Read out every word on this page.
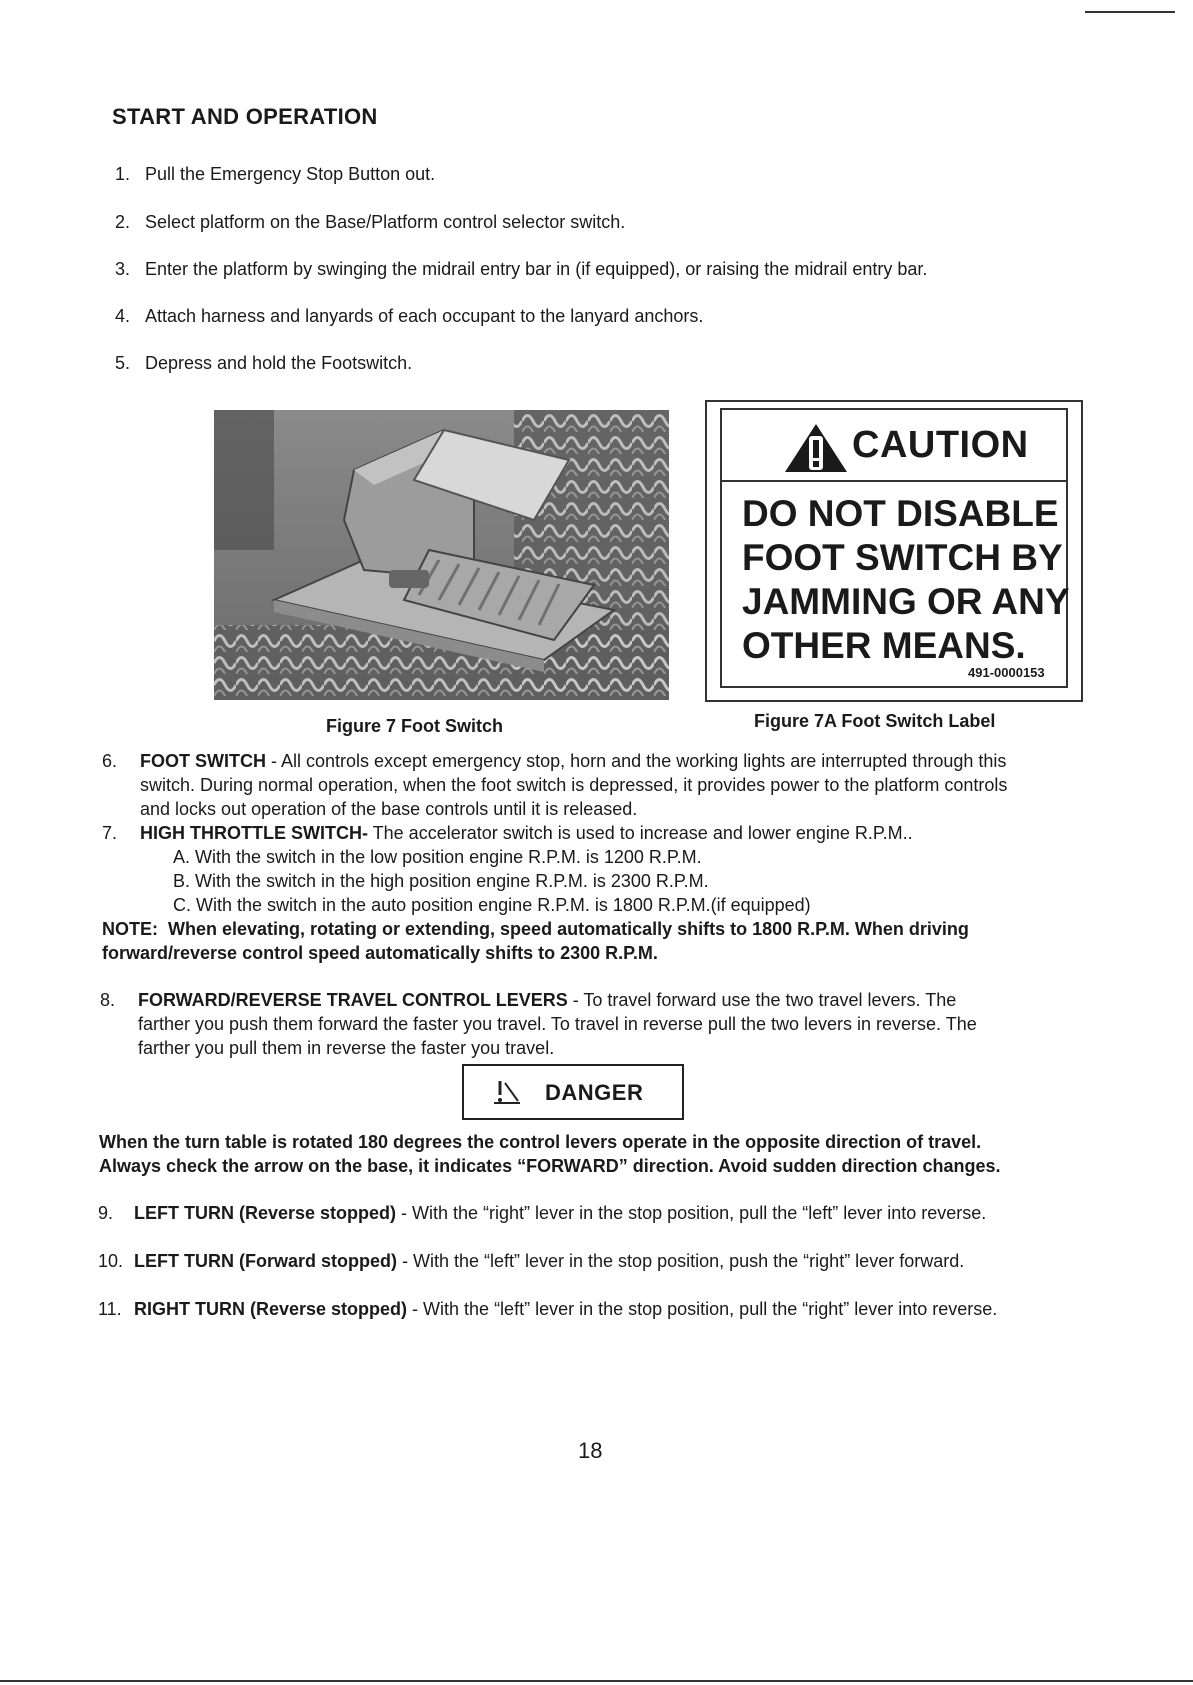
START AND OPERATION
1. Pull the Emergency Stop Button out.
2. Select platform on the Base/Platform control selector switch.
3. Enter the platform by swinging the midrail entry bar in (if equipped), or raising the midrail entry bar.
4. Attach harness and lanyards of each occupant to the lanyard anchors.
5. Depress and hold the Footswitch.
Figure 7 Foot Switch
CAUTION
DO NOT DISABLE
FOOT SWITCH BY
JAMMING OR ANY
OTHER MEANS.
491-0000153
Figure 7A Foot Switch Label
6. FOOT SWITCH - All controls except emergency stop, horn and the working lights are interrupted through this
switch. During normal operation, when the foot switch is depressed, it provides power to the platform controls
and locks out operation of the base controls until it is released.
7. HIGH THROTTLE SWITCH- The accelerator switch is used to increase and lower engine R.P.M..
A. With the switch in the low position engine R.P.M. is 1200 R.P.M.
B. With the switch in the high position engine R.P.M. is 2300 R.P.M.
C. With the switch in the auto position engine R.P.M. is 1800 R.P.M.(if equipped)
NOTE: When elevating, rotating or extending, speed automatically shifts to 1800 R.P.M. When driving
forward/reverse control speed automatically shifts to 2300 R.P.M.
8. FORWARD/REVERSE TRAVEL CONTROL LEVERS - To travel forward use the two travel levers. The
farther you push them forward the faster you travel. To travel in reverse pull the two levers in reverse. The
farther you pull them in reverse the faster you travel.
DANGER
When the turn table is rotated 180 degrees the control levers operate in the opposite direction of travel.
Always check the arrow on the base, it indicates “FORWARD” direction. Avoid sudden direction changes.
9. LEFT TURN (Reverse stopped) - With the “right” lever in the stop position, pull the “left” lever into reverse.
10. LEFT TURN (Forward stopped) - With the “left” lever in the stop position, push the “right” lever forward.
11. RIGHT TURN (Reverse stopped) - With the “left” lever in the stop position, pull the “right” lever into reverse.
18
